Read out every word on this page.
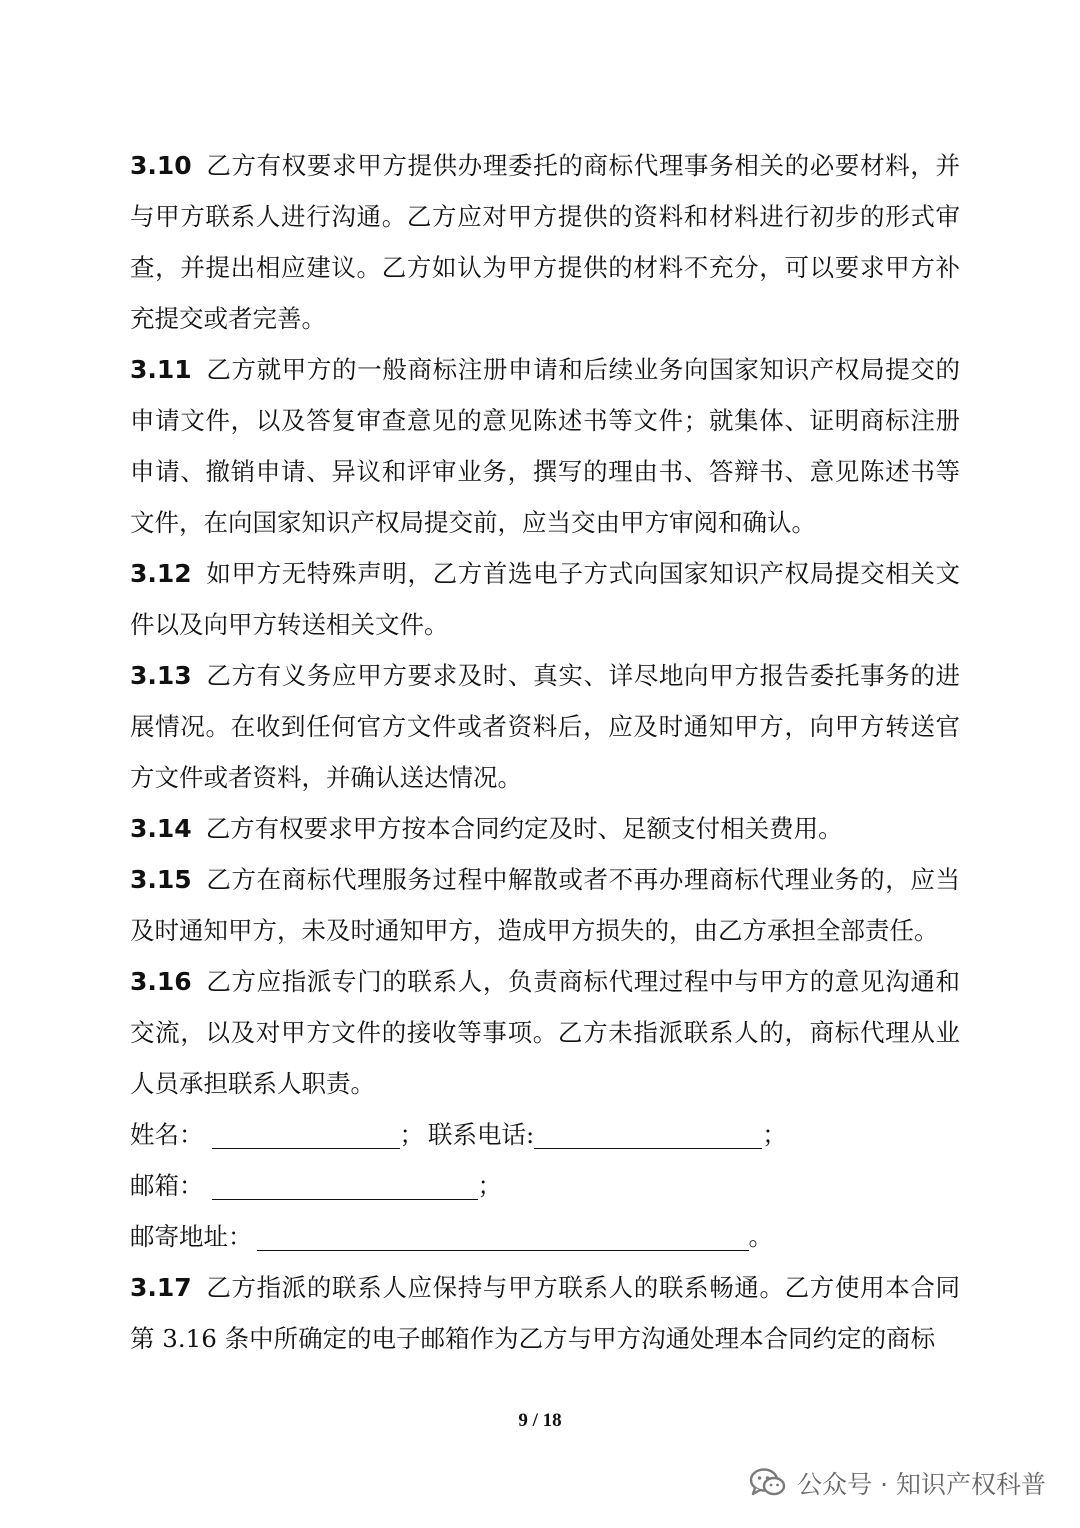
3.10 乙方有权要求甲方提供办理委托的商标代理事务相关的必要材料，并与甲方联系人进行沟通。乙方应对甲方提供的资料和材料进行初步的形式审查，并提出相应建议。乙方如认为甲方提供的材料不充分，可以要求甲方补充提交或者完善。

3.11 乙方就甲方的一般商标注册申请和后续业务向国家知识产权局提交的申请文件，以及答复审查意见的意见陈述书等文件；就集体、证明商标注册申请、撤销申请、异议和评审业务，撰写的理由书、答辩书、意见陈述书等文件，在向国家知识产权局提交前，应当交由甲方审阅和确认。

3.12 如甲方无特殊声明，乙方首选电子方式向国家知识产权局提交相关文件以及向甲方转送相关文件。

3.13 乙方有义务应甲方要求及时、真实、详尽地向甲方报告委托事务的进展情况。在收到任何官方文件或者资料后，应及时通知甲方，向甲方转送官方文件或者资料，并确认送达情况。

3.14 乙方有权要求甲方按本合同约定及时、足额支付相关费用。

3.15 乙方在商标代理服务过程中解散或者不再办理商标代理业务的，应当及时通知甲方，未及时通知甲方，造成甲方损失的，由乙方承担全部责任。

3.16 乙方应指派专门的联系人，负责商标代理过程中与甲方的意见沟通和交流，以及对甲方文件的接收等事项。乙方未指派联系人的，商标代理从业人员承担联系人职责。

姓名：	； 联系电话:	；
邮箱：	；
邮寄地址：	。

3.17 乙方指派的联系人应保持与甲方联系人的联系畅通。乙方使用本合同第 3.16 条中所确定的电子邮箱作为乙方与甲方沟通处理本合同约定的商标

9 / 18
公众号 · 知识产权科普
